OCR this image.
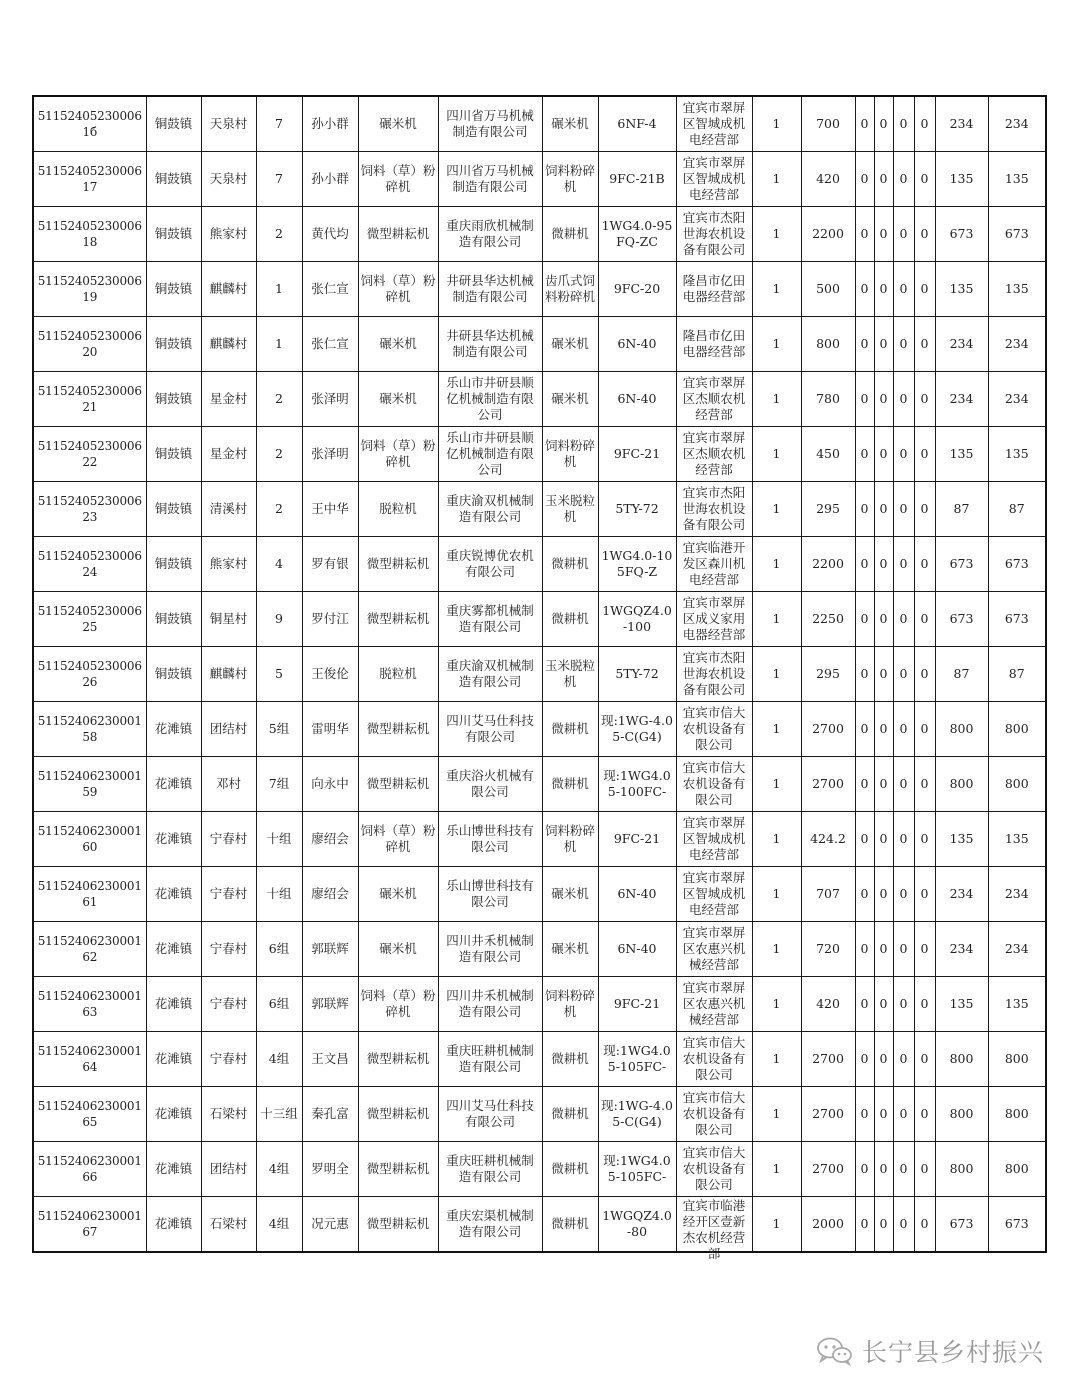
511524052300061б	铜鼓镇	天泉村	7	孙小群	碾米机	四川省万马机械制造有限公司	碾米机	6NF-4	宜宾市翠屏区智城成机电经营部	1	700	0	0	0	0	234	234

5115240523000617	铜鼓镇	天泉村	7	孙小群	饲料（草）粉碎机	四川省万马机械制造有限公司	饲料粉碎机	9FC-21B	宜宾市翠屏区智城成机电经营部	1	420	0	0	0	0	135	135

5115240523000618	铜鼓镇	熊家村	2	黄代均	微型耕耘机	重庆雨欣机械制造有限公司	微耕机	1WG4.0-95FQ-ZC	宜宾市杰阳世海农机设备有限公司	1	2200	0	0	0	0	673	673

5115240523000619	铜鼓镇	麒麟村	1	张仁宣	饲料（草）粉碎机	井研县华达机械制造有限公司	齿爪式饲料粉碎机	9FC-20	隆昌市亿田电器经营部	1	500	0	0	0	0	135	135

5115240523000620	铜鼓镇	麒麟村	1	张仁宣	碾米机	井研县华达机械制造有限公司	碾米机	6N-40	隆昌市亿田电器经营部	1	800	0	0	0	0	234	234

5115240523000621	铜鼓镇	星金村	2	张泽明	碾米机	乐山市井研县顺亿机械制造有限公司	碾米机	6N-40	宜宾市翠屏区杰顺农机经营部	1	780	0	0	0	0	234	234

5115240523000622	铜鼓镇	星金村	2	张泽明	饲料（草）粉碎机	乐山市井研县顺亿机械制造有限公司	饲料粉碎机	9FC-21	宜宾市翠屏区杰顺农机经营部	1	450	0	0	0	0	135	135

5115240523000623	铜鼓镇	清溪村	2	王中华	脱粒机	重庆渝双机械制造有限公司	玉米脱粒机	5TY-72	宜宾市杰阳世海农机设备有限公司	1	295	0	0	0	0	87	87

5115240523000624	铜鼓镇	熊家村	4	罗有银	微型耕耘机	重庆锐博优农机有限公司	微耕机	1WG4.0-105FQ-Z	宜宾临港开发区森川机电经营部	1	2200	0	0	0	0	673	673

5115240523000625	铜鼓镇	铜星村	9	罗付江	微型耕耘机	重庆雾都机械制造有限公司	微耕机	1WGQZ4.0-100	宜宾市翠屏区成义家用电器经营部	1	2250	0	0	0	0	673	673

5115240523000626	铜鼓镇	麒麟村	5	王俊伦	脱粒机	重庆渝双机械制造有限公司	玉米脱粒机	5TY-72	宜宾市杰阳世海农机设备有限公司	1	295	0	0	0	0	87	87

5115240623000158	花滩镇	团结村	5组	雷明华	微型耕耘机	四川艾马仕科技有限公司	微耕机	现:1WG-4.05-C(G4)	宜宾市信大农机设备有限公司	1	2700	0	0	0	0	800	800

5115240623000159	花滩镇	邓村	7组	向永中	微型耕耘机	重庆浴火机械有限公司	微耕机	现:1WG4.05-100FC-	宜宾市信大农机设备有限公司	1	2700	0	0	0	0	800	800

5115240623000160	花滩镇	宁春村	十组	廖绍会	饲料（草）粉碎机	乐山博世科技有限公司	饲料粉碎机	9FC-21	宜宾市翠屏区智城成机电经营部	1	424.2	0	0	0	0	135	135

5115240623000161	花滩镇	宁春村	十组	廖绍会	碾米机	乐山博世科技有限公司	碾米机	6N-40	宜宾市翠屏区智城成机电经营部	1	707	0	0	0	0	234	234

5115240623000162	花滩镇	宁春村	6组	郭联辉	碾米机	四川井禾机械制造有限公司	碾米机	6N-40	宜宾市翠屏区农惠兴机械经营部	1	720	0	0	0	0	234	234

5115240623000163	花滩镇	宁春村	6组	郭联辉	饲料（草）粉碎机	四川井禾机械制造有限公司	饲料粉碎机	9FC-21	宜宾市翠屏区农惠兴机械经营部	1	420	0	0	0	0	135	135

5115240623000164	花滩镇	宁春村	4组	王文昌	微型耕耘机	重庆旺耕机械制造有限公司	微耕机	现:1WG4.05-105FC-	宜宾市信大农机设备有限公司	1	2700	0	0	0	0	800	800

5115240623000165	花滩镇	石梁村	十三组	秦孔富	微型耕耘机	四川艾马仕科技有限公司	微耕机	现:1WG-4.05-C(G4)	宜宾市信大农机设备有限公司	1	2700	0	0	0	0	800	800

5115240623000166	花滩镇	团结村	4组	罗明全	微型耕耘机	重庆旺耕机械制造有限公司	微耕机	现:1WG4.05-105FC-	宜宾市信大农机设备有限公司	1	2700	0	0	0	0	800	800

5115240623000167	花滩镇	石梁村	4组	况元惠	微型耕耘机	重庆宏渠机械制造有限公司	微耕机	1WGQZ4.0-80	宜宾市临港经开区壹新杰农机经营部	1	2000	0	0	0	0	673	673
长宁县乡村振兴
